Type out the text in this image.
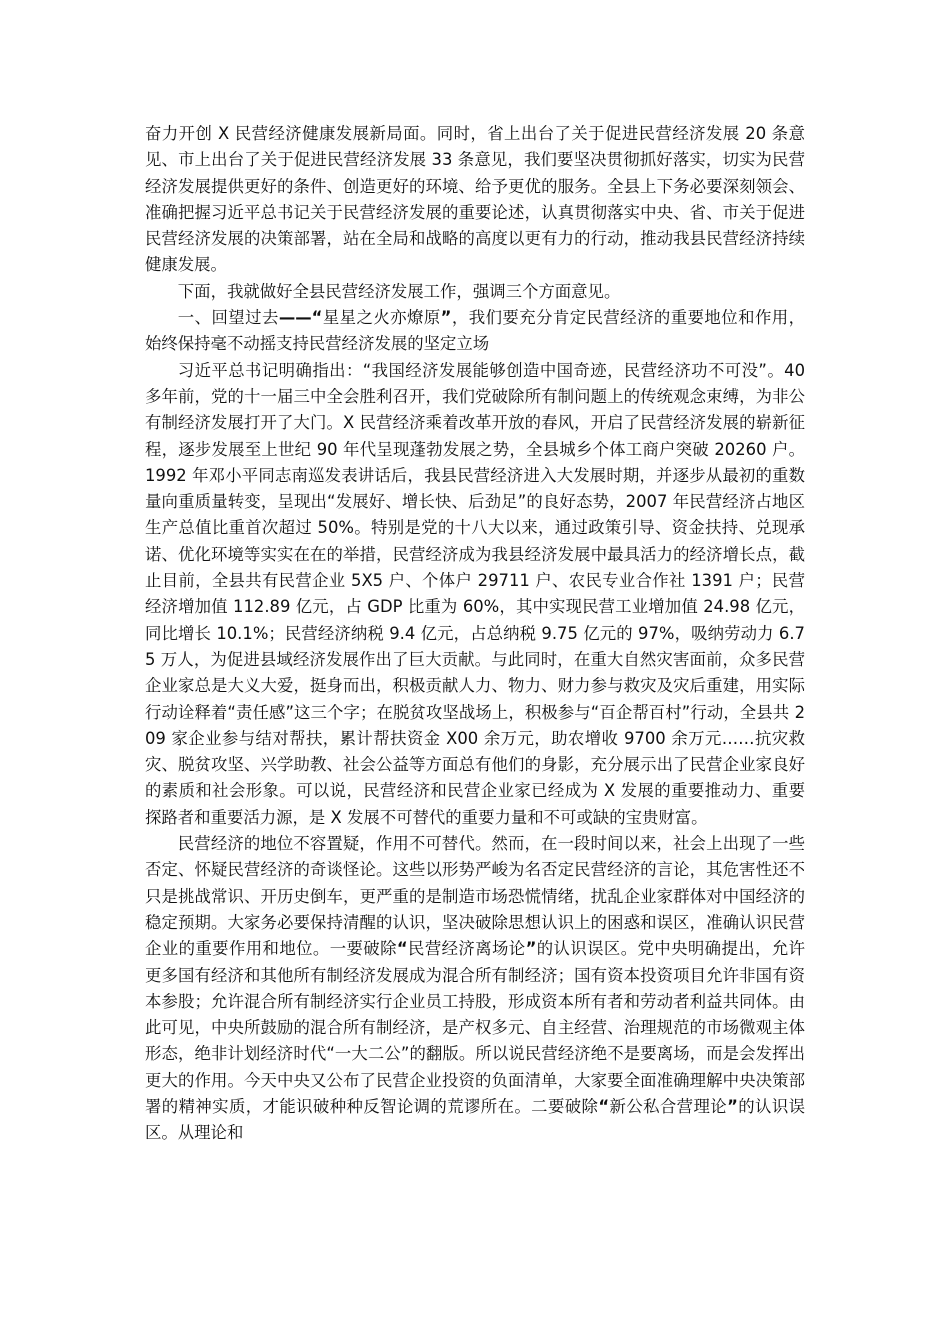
奋力开创 X 民营经济健康发展新局面。同时，省上出台了关于促进民营经济发展 20 条意见、市上出台了关于促进民营经济发展 33 条意见，我们要坚决贯彻抓好落实，切实为民营经济发展提供更好的条件、创造更好的环境、给予更优的服务。全县上下务必要深刻领会、准确把握习近平总书记关于民营经济发展的重要论述，认真贯彻落实中央、省、市关于促进民营经济发展的决策部署，站在全局和战略的高度以更有力的行动，推动我县民营经济持续健康发展。

下面，我就做好全县民营经济发展工作，强调三个方面意见。

一、回望过去——“星星之火亦燎原”，我们要充分肯定民营经济的重要地位和作用，始终保持毫不动摇支持民营经济发展的坚定立场

习近平总书记明确指出：“我国经济发展能够创造中国奇迹，民营经济功不可没”。40 多年前，党的十一届三中全会胜利召开，我们党破除所有制问题上的传统观念束缚，为非公有制经济发展打开了大门。X 民营经济乘着改革开放的春风，开启了民营经济发展的崭新征程，逐步发展至上世纪 90 年代呈现蓬勃发展之势，全县城乡个体工商户突破 20260 户。1992 年邓小平同志南巡发表讲话后，我县民营经济进入大发展时期，并逐步从最初的重数量向重质量转变，呈现出“发展好、增长快、后劲足”的良好态势，2007 年民营经济占地区生产总值比重首次超过 50%。特别是党的十八大以来，通过政策引导、资金扶持、兑现承诺、优化环境等实实在在的举措，民营经济成为我县经济发展中最具活力的经济增长点，截止目前，全县共有民营企业 5X5 户、个体户 29711 户、农民专业合作社 1391 户；民营经济增加值 112.89 亿元，占 GDP 比重为 60%，其中实现民营工业增加值 24.98 亿元，同比增长 10.1%；民营经济纳税 9.4 亿元，占总纳税 9.75 亿元的 97%，吸纳劳动力 6.75 万人，为促进县域经济发展作出了巨大贡献。与此同时，在重大自然灾害面前，众多民营企业家总是大义大爱，挺身而出，积极贡献人力、物力、财力参与救灾及灾后重建，用实际行动诠释着“责任感”这三个字；在脱贫攻坚战场上，积极参与“百企帮百村”行动，全县共 209 家企业参与结对帮扶，累计帮扶资金 X00 余万元，助农增收 9700 余万元……抗灾救灾、脱贫攻坚、兴学助教、社会公益等方面总有他们的身影，充分展示出了民营企业家良好的素质和社会形象。可以说，民营经济和民营企业家已经成为 X 发展的重要推动力、重要探路者和重要活力源，是 X 发展不可替代的重要力量和不可或缺的宝贵财富。

民营经济的地位不容置疑，作用不可替代。然而，在一段时间以来，社会上出现了一些否定、怀疑民营经济的奇谈怪论。这些以形势严峻为名否定民营经济的言论，其危害性还不只是挑战常识、开历史倒车，更严重的是制造市场恐慌情绪，扰乱企业家群体对中国经济的稳定预期。大家务必要保持清醒的认识，坚决破除思想认识上的困惑和误区，准确认识民营企业的重要作用和地位。一要破除“民营经济离场论”的认识误区。党中央明确提出，允许更多国有经济和其他所有制经济发展成为混合所有制经济；国有资本投资项目允许非国有资本参股；允许混合所有制经济实行企业员工持股，形成资本所有者和劳动者利益共同体。由此可见，中央所鼓励的混合所有制经济，是产权多元、自主经营、治理规范的市场微观主体形态，绝非计划经济时代“一大二公”的翻版。所以说民营经济绝不是要离场，而是会发挥出更大的作用。今天中央又公布了民营企业投资的负面清单，大家要全面准确理解中央决策部署的精神实质，才能识破种种反智论调的荒谬所在。二要破除“新公私合营理论”的认识误区。从理论和
